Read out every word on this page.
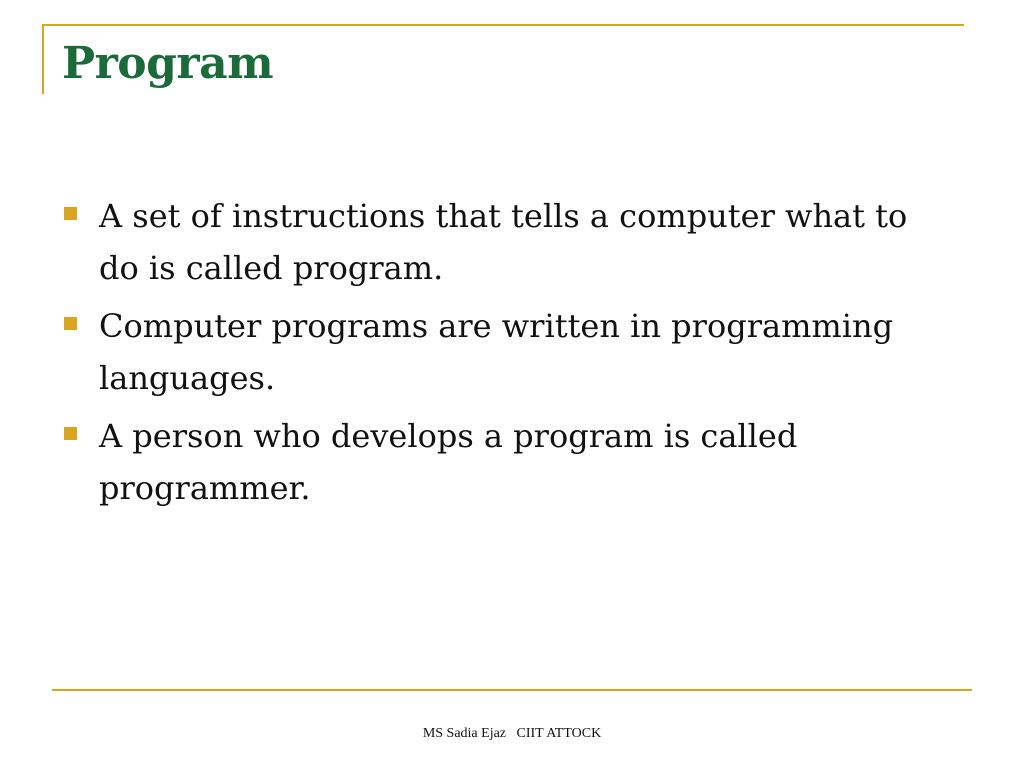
Program
A set of instructions that tells a computer what to do is called program.
Computer programs are written in programming languages.
A person who develops a program is called programmer.
MS Sadia Ejaz   CIIT ATTOCK
